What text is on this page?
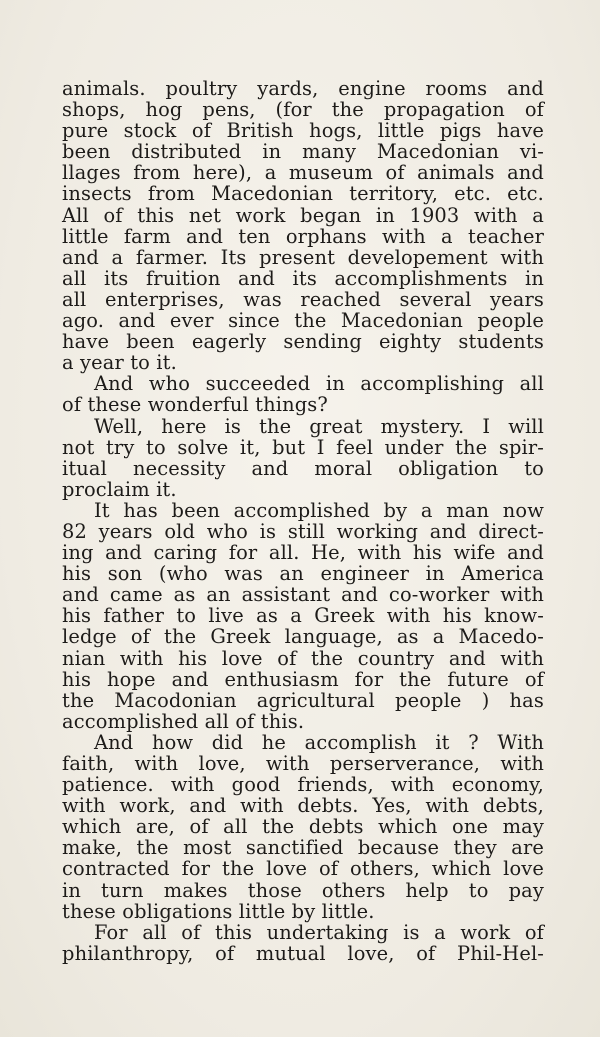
animals. poultry yards, engine rooms and
shops, hog pens, (for the propagation of
pure stock of British hogs, little pigs have
been distributed in many Macedonian vi-
llages from here), a museum of animals and
insects from Macedonian territory, etc. etc.
All of this net work began in 1903 with a
little farm and ten orphans with a teacher
and a farmer. Its present developement with
all its fruition and its accomplishments in
all enterprises, was reached several years
ago. and ever since the Macedonian people
have been eagerly sending eighty students
a year to it.
And who succeeded in accomplishing all
of these wonderful things?
Well, here is the great mystery. I will
not try to solve it, but I feel under the spir-
itual necessity and moral obligation to
proclaim it.
It has been accomplished by a man now
82 years old who is still working and direct-
ing and caring for all. He, with his wife and
his son (who was an engineer in America
and came as an assistant and co-worker with
his father to live as a Greek with his know-
ledge of the Greek language, as a Macedo-
nian with his love of the country and with
his hope and enthusiasm for the future of
the Macodonian agricultural people ) has
accomplished all of this.
And how did he accomplish it ? With
faith, with love, with perserverance, with
patience. with good friends, with economy,
with work, and with debts. Yes, with debts,
which are, of all the debts which one may
make, the most sanctified because they are
contracted for the love of others, which love
in turn makes those others help to pay
these obligations little by little.
For all of this undertaking is a work of
philanthropy, of mutual love, of Phil-Hel-
